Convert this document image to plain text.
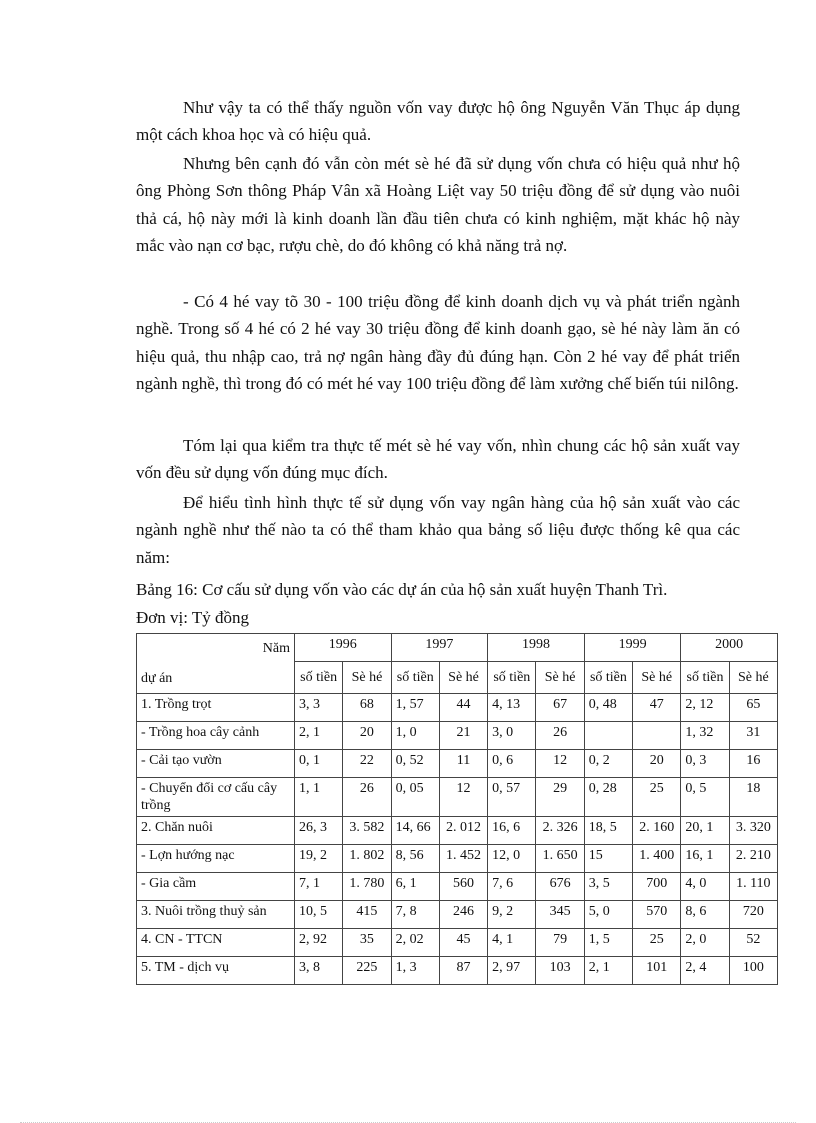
Như vậy ta có thể thấy nguồn vốn vay được hộ ông Nguyễn Văn Thục áp dụng một cách khoa học và có hiệu quả.

Nhưng bên cạnh đó vẫn còn mét sè hé đã sử dụng vốn chưa có hiệu quả như hộ ông Phòng Sơn thông Pháp Vân xã Hoàng Liệt vay 50 triệu đồng để sử dụng vào nuôi thả cá, hộ này mới là kinh doanh lần đầu tiên chưa có kinh nghiệm, mặt khác hộ này mắc vào nạn cơ bạc, rượu chè, do đó không có khả năng trả nợ.

- Có 4 hé vay tõ 30 - 100 triệu đồng để kinh doanh dịch vụ và phát triển ngành nghề. Trong số 4 hé có 2 hé vay 30 triệu đồng để kinh doanh gạo, sè hé này làm ăn có hiệu quả, thu nhập cao, trả nợ ngân hàng đầy đủ đúng hạn. Còn 2 hé vay để phát triển ngành nghề, thì trong đó có mét hé vay 100 triệu đồng để làm xưởng chế biến túi nilông.

Tóm lại qua kiểm tra thực tế mét sè hé vay vốn, nhìn chung các hộ sản xuất vay vốn đều sử dụng vốn đúng mục đích.

Để hiểu tình hình thực tế sử dụng vốn vay ngân hàng của hộ sản xuất vào các ngành nghề như thế nào ta có thể tham khảo qua bảng số liệu được thống kê qua các năm:

Bảng 16: Cơ cấu sử dụng vốn vào các dự án của hộ sản xuất huyện Thanh Trì.

Đơn vị: Tỷ đồng

Năm
dự án	1996		1997		1998		1999		2000	
	số tiền	Sè hé	số tiền	Sè hé	số tiền	Sè hé	số tiền	Sè hé	số tiền	Sè hé
1. Trồng trọt	3, 3	68	1, 57	44	4, 13	67	0, 48	47	2, 12	65
- Trồng hoa cây cảnh	2, 1	20	1, 0	21	3, 0	26			1, 32	31
- Cải tạo vườn	0, 1	22	0, 52	11	0, 6	12	0, 2	20	0, 3	16
- Chuyển đổi cơ cấu cây trồng	1, 1	26	0, 05	12	0, 57	29	0, 28	25	0, 5	18
2. Chăn nuôi	26, 3	3. 582	14, 66	2. 012	16, 6	2. 326	18, 5	2. 160	20, 1	3. 320
- Lợn hướng nạc	19, 2	1. 802	8, 56	1. 452	12, 0	1. 650	15	1. 400	16, 1	2. 210
- Gia cầm	7, 1	1. 780	6, 1	560	7, 6	676	3, 5	700	4, 0	1. 110
3. Nuôi trồng thuỷ sản	10, 5	415	7, 8	246	9, 2	345	5, 0	570	8, 6	720
4. CN - TTCN	2, 92	35	2, 02	45	4, 1	79	1, 5	25	2, 0	52
5. TM - dịch vụ	3, 8	225	1, 3	87	2, 97	103	2, 1	101	2, 4	100
